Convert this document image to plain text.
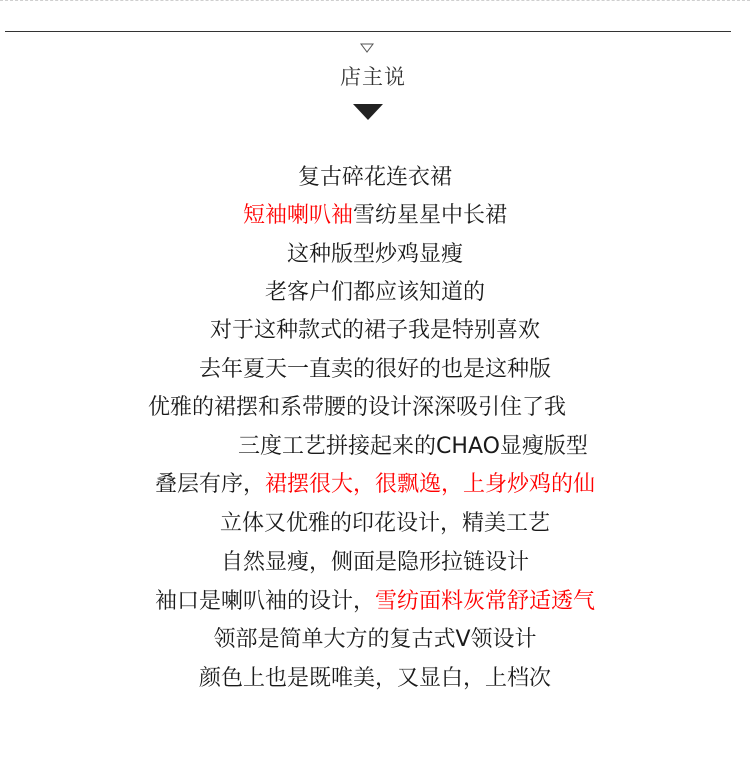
店主说
复古碎花连衣裙
短袖喇叭袖雪纺星星中长裙
这种版型炒鸡显瘦
老客户们都应该知道的
对于这种款式的裙子我是特别喜欢
去年夏天一直卖的很好的也是这种版
优雅的裙摆和系带腰的设计深深吸引住了我
三度工艺拼接起来的CHAO显瘦版型
叠层有序，裙摆很大，很飘逸，上身炒鸡的仙
立体又优雅的印花设计，精美工艺
自然显瘦，侧面是隐形拉链设计
袖口是喇叭袖的设计，雪纺面料灰常舒适透气
领部是简单大方的复古式V领设计
颜色上也是既唯美，又显白，上档次
